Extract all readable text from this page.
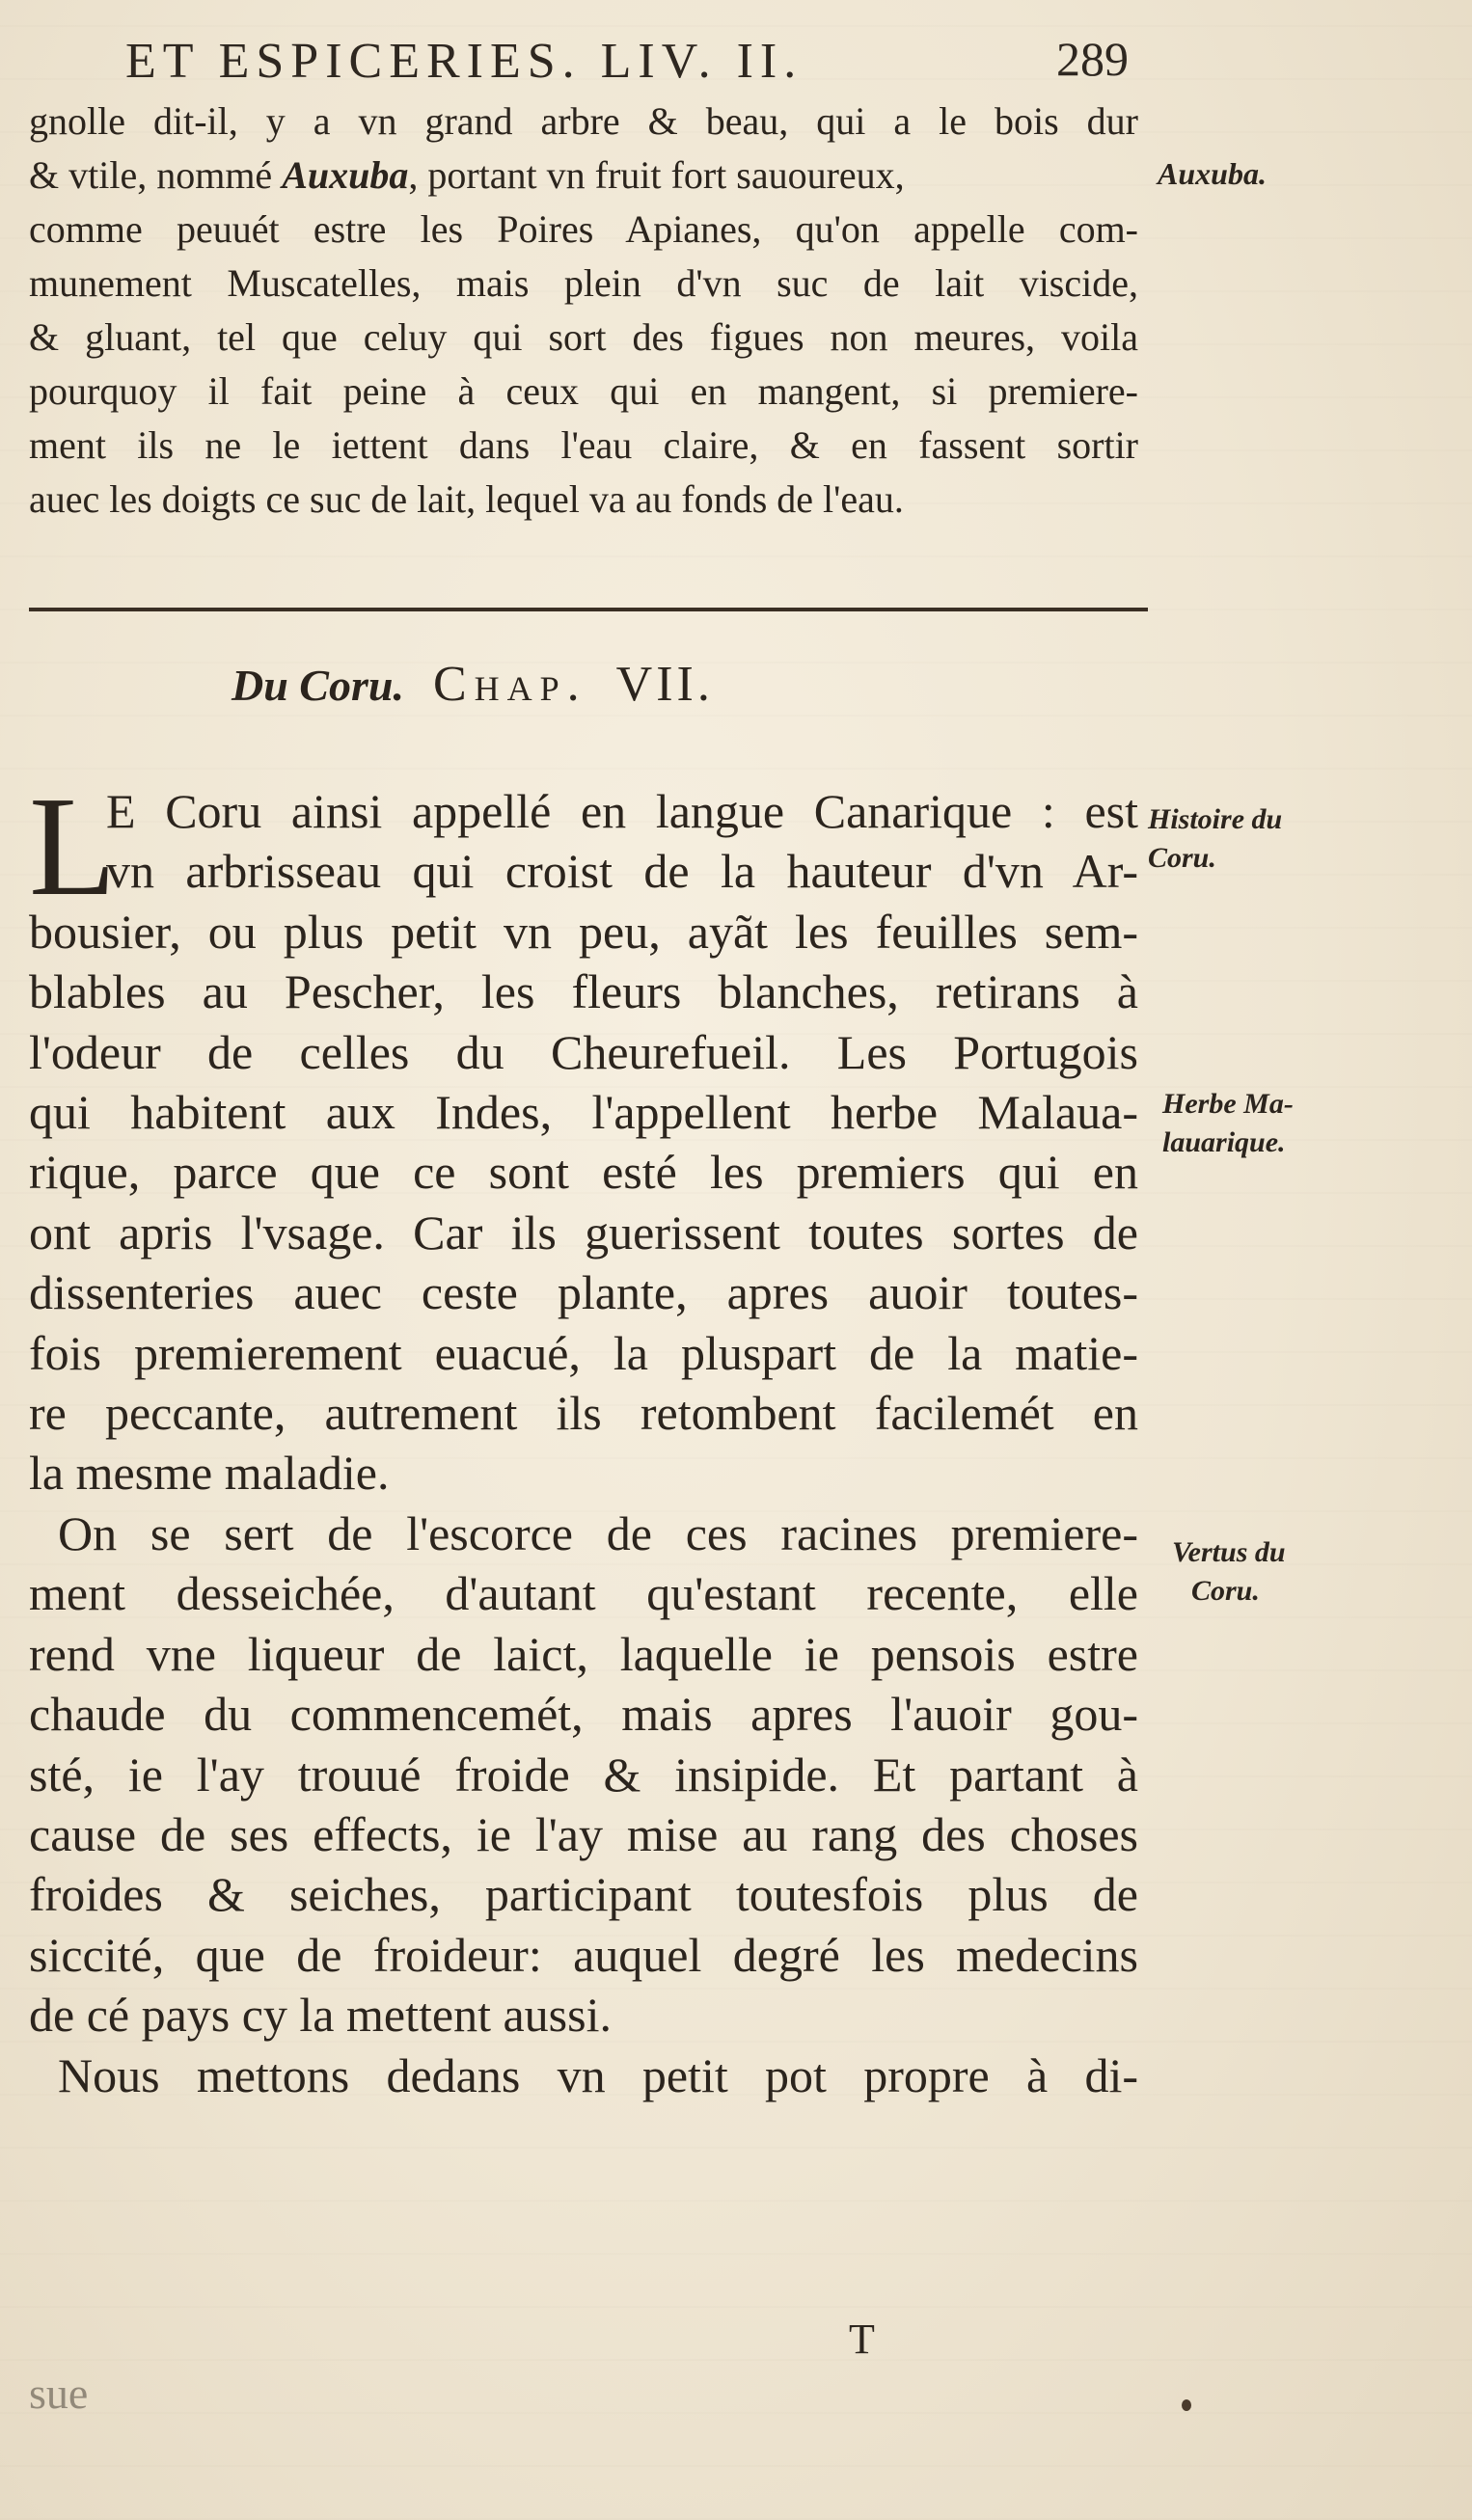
ET ESPICERIES. LIV. II.	289
gnolle dit-il, y a vn grand arbre & beau, qui a le bois dur
& vtile, nommé Auxuba, portant vn fruit fort sauoureux,
comme peuuét estre les Poires Apianes, qu'on appelle com-
munement Muscatelles, mais plein d'vn suc de lait viscide,
& gluant, tel que celuy qui sort des figues non meures, voila
pourquoy il fait peine à ceux qui en mangent, si premiere-
ment ils ne le iettent dans l'eau claire, & en fassent sortir
auec les doigts ce suc de lait, lequel va au fonds de l'eau.
Auxuba.
Du Coru. Chap. VII.
L
E Coru ainsi appellé en langue Canarique : est
vn arbrisseau qui croist de la hauteur d'vn Ar-
bousier, ou plus petit vn peu, ayãt les feuilles sem-
blables au Pescher, les fleurs blanches, retirans à
l'odeur de celles du Cheurefueil. Les Portugois
qui habitent aux Indes, l'appellent herbe Malaua-
rique, parce que ce sont esté les premiers qui en
ont apris l'vsage. Car ils guerissent toutes sortes de
dissenteries auec ceste plante, apres auoir toutes-
fois premierement euacué, la pluspart de la matie-
re peccante, autrement ils retombent facilemét en
la mesme maladie.
On se sert de l'escorce de ces racines premiere-
ment desseichée, d'autant qu'estant recente, elle
rend vne liqueur de laict, laquelle ie pensois estre
chaude du commencemét, mais apres l'auoir gou-
sté, ie l'ay trouué froide & insipide. Et partant à
cause de ses effects, ie l'ay mise au rang des choses
froides & seiches, participant toutesfois plus de
siccité, que de froideur: auquel degré les medecins
de cé pays cy la mettent aussi.
Nous mettons dedans vn petit pot propre à di-
Histoire du
Coru.
Herbe Ma-
lauarique.
Vertus du
Coru.
sue
T
